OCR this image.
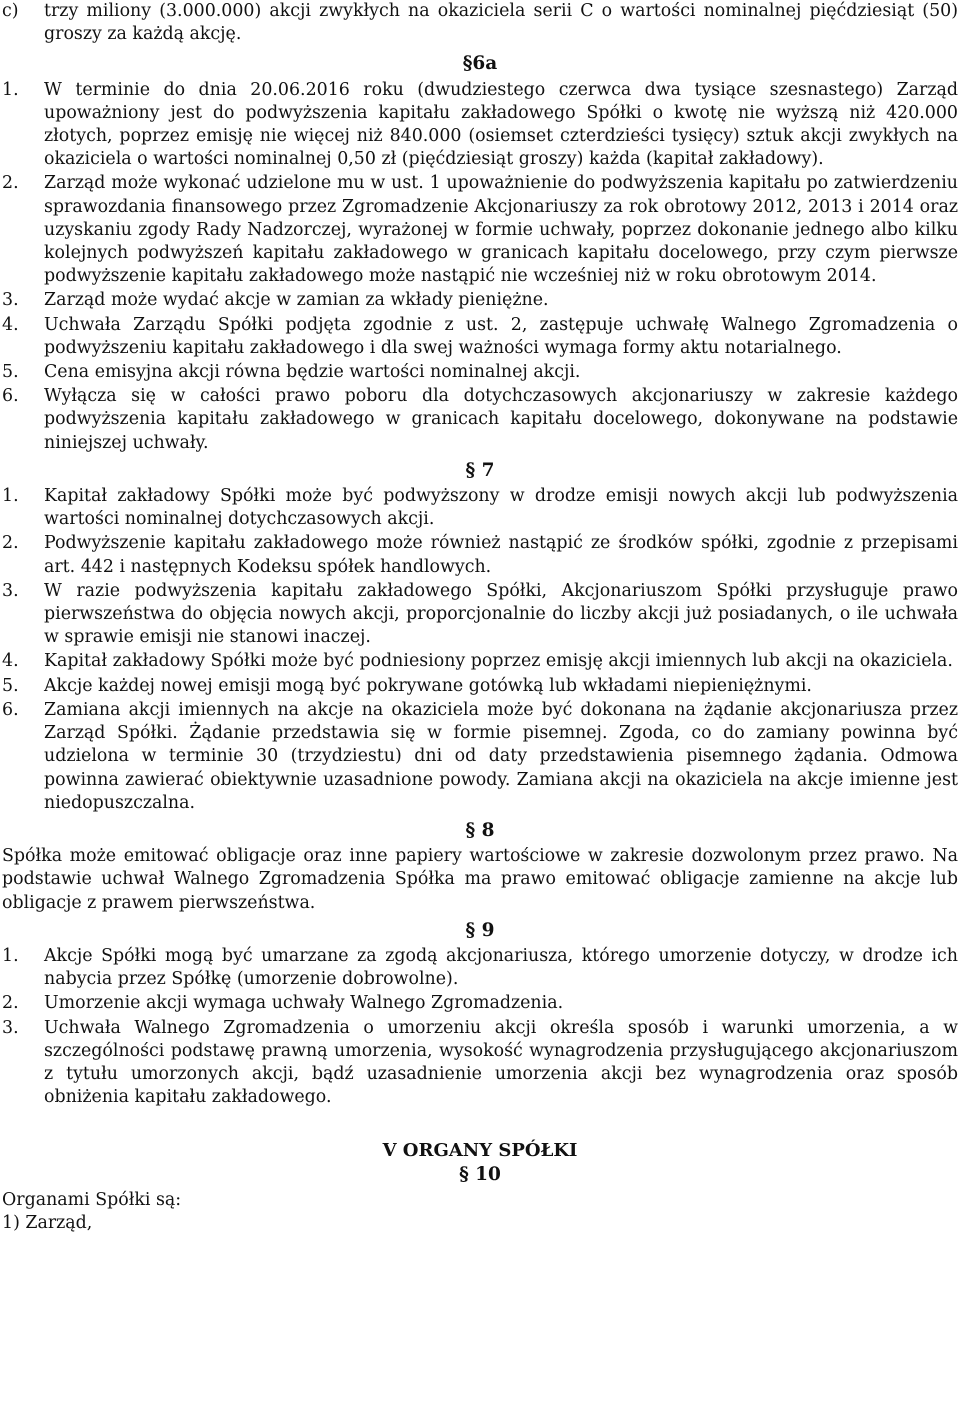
c) trzy miliony (3.000.000) akcji zwykłych na okaziciela serii C o wartości nominalnej pięćdziesiąt (50) groszy za każdą akcję.
§6a
1. W terminie do dnia 20.06.2016 roku (dwudziestego czerwca dwa tysiące szesnastego) Zarząd upoważniony jest do podwyższenia kapitału zakładowego Spółki o kwotę nie wyższą niż 420.000 złotych, poprzez emisję nie więcej niż 840.000 (osiemset czterdzieści tysięcy) sztuk akcji zwykłych na okaziciela o wartości nominalnej 0,50 zł (pięćdziesiąt groszy) każda (kapitał zakładowy).
2. Zarząd może wykonać udzielone mu w ust. 1 upoważnienie do podwyższenia kapitału po zatwierdzeniu sprawozdania finansowego przez Zgromadzenie Akcjonariuszy za rok obrotowy 2012, 2013 i 2014 oraz uzyskaniu zgody Rady Nadzorczej, wyrażonej w formie uchwały, poprzez dokonanie jednego albo kilku kolejnych podwyższeń kapitału zakładowego w granicach kapitału docelowego, przy czym pierwsze podwyższenie kapitału zakładowego może nastąpić nie wcześniej niż w roku obrotowym 2014.
3. Zarząd może wydać akcje w zamian za wkłady pieniężne.
4. Uchwała Zarządu Spółki podjęta zgodnie z ust. 2, zastępuje uchwałę Walnego Zgromadzenia o podwyższeniu kapitału zakładowego i dla swej ważności wymaga formy aktu notarialnego.
5. Cena emisyjna akcji równa będzie wartości nominalnej akcji.
6. Wyłącza się w całości prawo poboru dla dotychczasowych akcjonariuszy w zakresie każdego podwyższenia kapitału zakładowego w granicach kapitału docelowego, dokonywane na podstawie niniejszej uchwały.
§ 7
1. Kapitał zakładowy Spółki może być podwyższony w drodze emisji nowych akcji lub podwyższenia wartości nominalnej dotychczasowych akcji.
2. Podwyższenie kapitału zakładowego może również nastąpić ze środków spółki, zgodnie z przepisami art. 442 i następnych Kodeksu spółek handlowych.
3. W razie podwyższenia kapitału zakładowego Spółki, Akcjonariuszom Spółki przysługuje prawo pierwszeństwa do objęcia nowych akcji, proporcjonalnie do liczby akcji już posiadanych, o ile uchwała w sprawie emisji nie stanowi inaczej.
4. Kapitał zakładowy Spółki może być podniesiony poprzez emisję akcji imiennych lub akcji na okaziciela.
5. Akcje każdej nowej emisji mogą być pokrywane gotówką lub wkładami niepieniężnymi.
6. Zamiana akcji imiennych na akcje na okaziciela może być dokonana na żądanie akcjonariusza przez Zarząd Spółki. Żądanie przedstawia się w formie pisemnej. Zgoda, co do zamiany powinna być udzielona w terminie 30 (trzydziestu) dni od daty przedstawienia pisemnego żądania. Odmowa powinna zawierać obiektywnie uzasadnione powody. Zamiana akcji na okaziciela na akcje imienne jest niedopuszczalna.
§ 8
Spółka może emitować obligacje oraz inne papiery wartościowe w zakresie dozwolonym przez prawo. Na podstawie uchwał Walnego Zgromadzenia Spółka ma prawo emitować obligacje zamienne na akcje lub obligacje z prawem pierwszeństwa.
§ 9
1. Akcje Spółki mogą być umarzane za zgodą akcjonariusza, którego umorzenie dotyczy, w drodze ich nabycia przez Spółkę (umorzenie dobrowolne).
2. Umorzenie akcji wymaga uchwały Walnego Zgromadzenia.
3. Uchwała Walnego Zgromadzenia o umorzeniu akcji określa sposób i warunki umorzenia, a w szczególności podstawę prawną umorzenia, wysokość wynagrodzenia przysługującego akcjonariuszom z tytułu umorzonych akcji, bądź uzasadnienie umorzenia akcji bez wynagrodzenia oraz sposób obniżenia kapitału zakładowego.
V ORGANY SPÓŁKI
§ 10
Organami Spółki są:
1) Zarząd,
